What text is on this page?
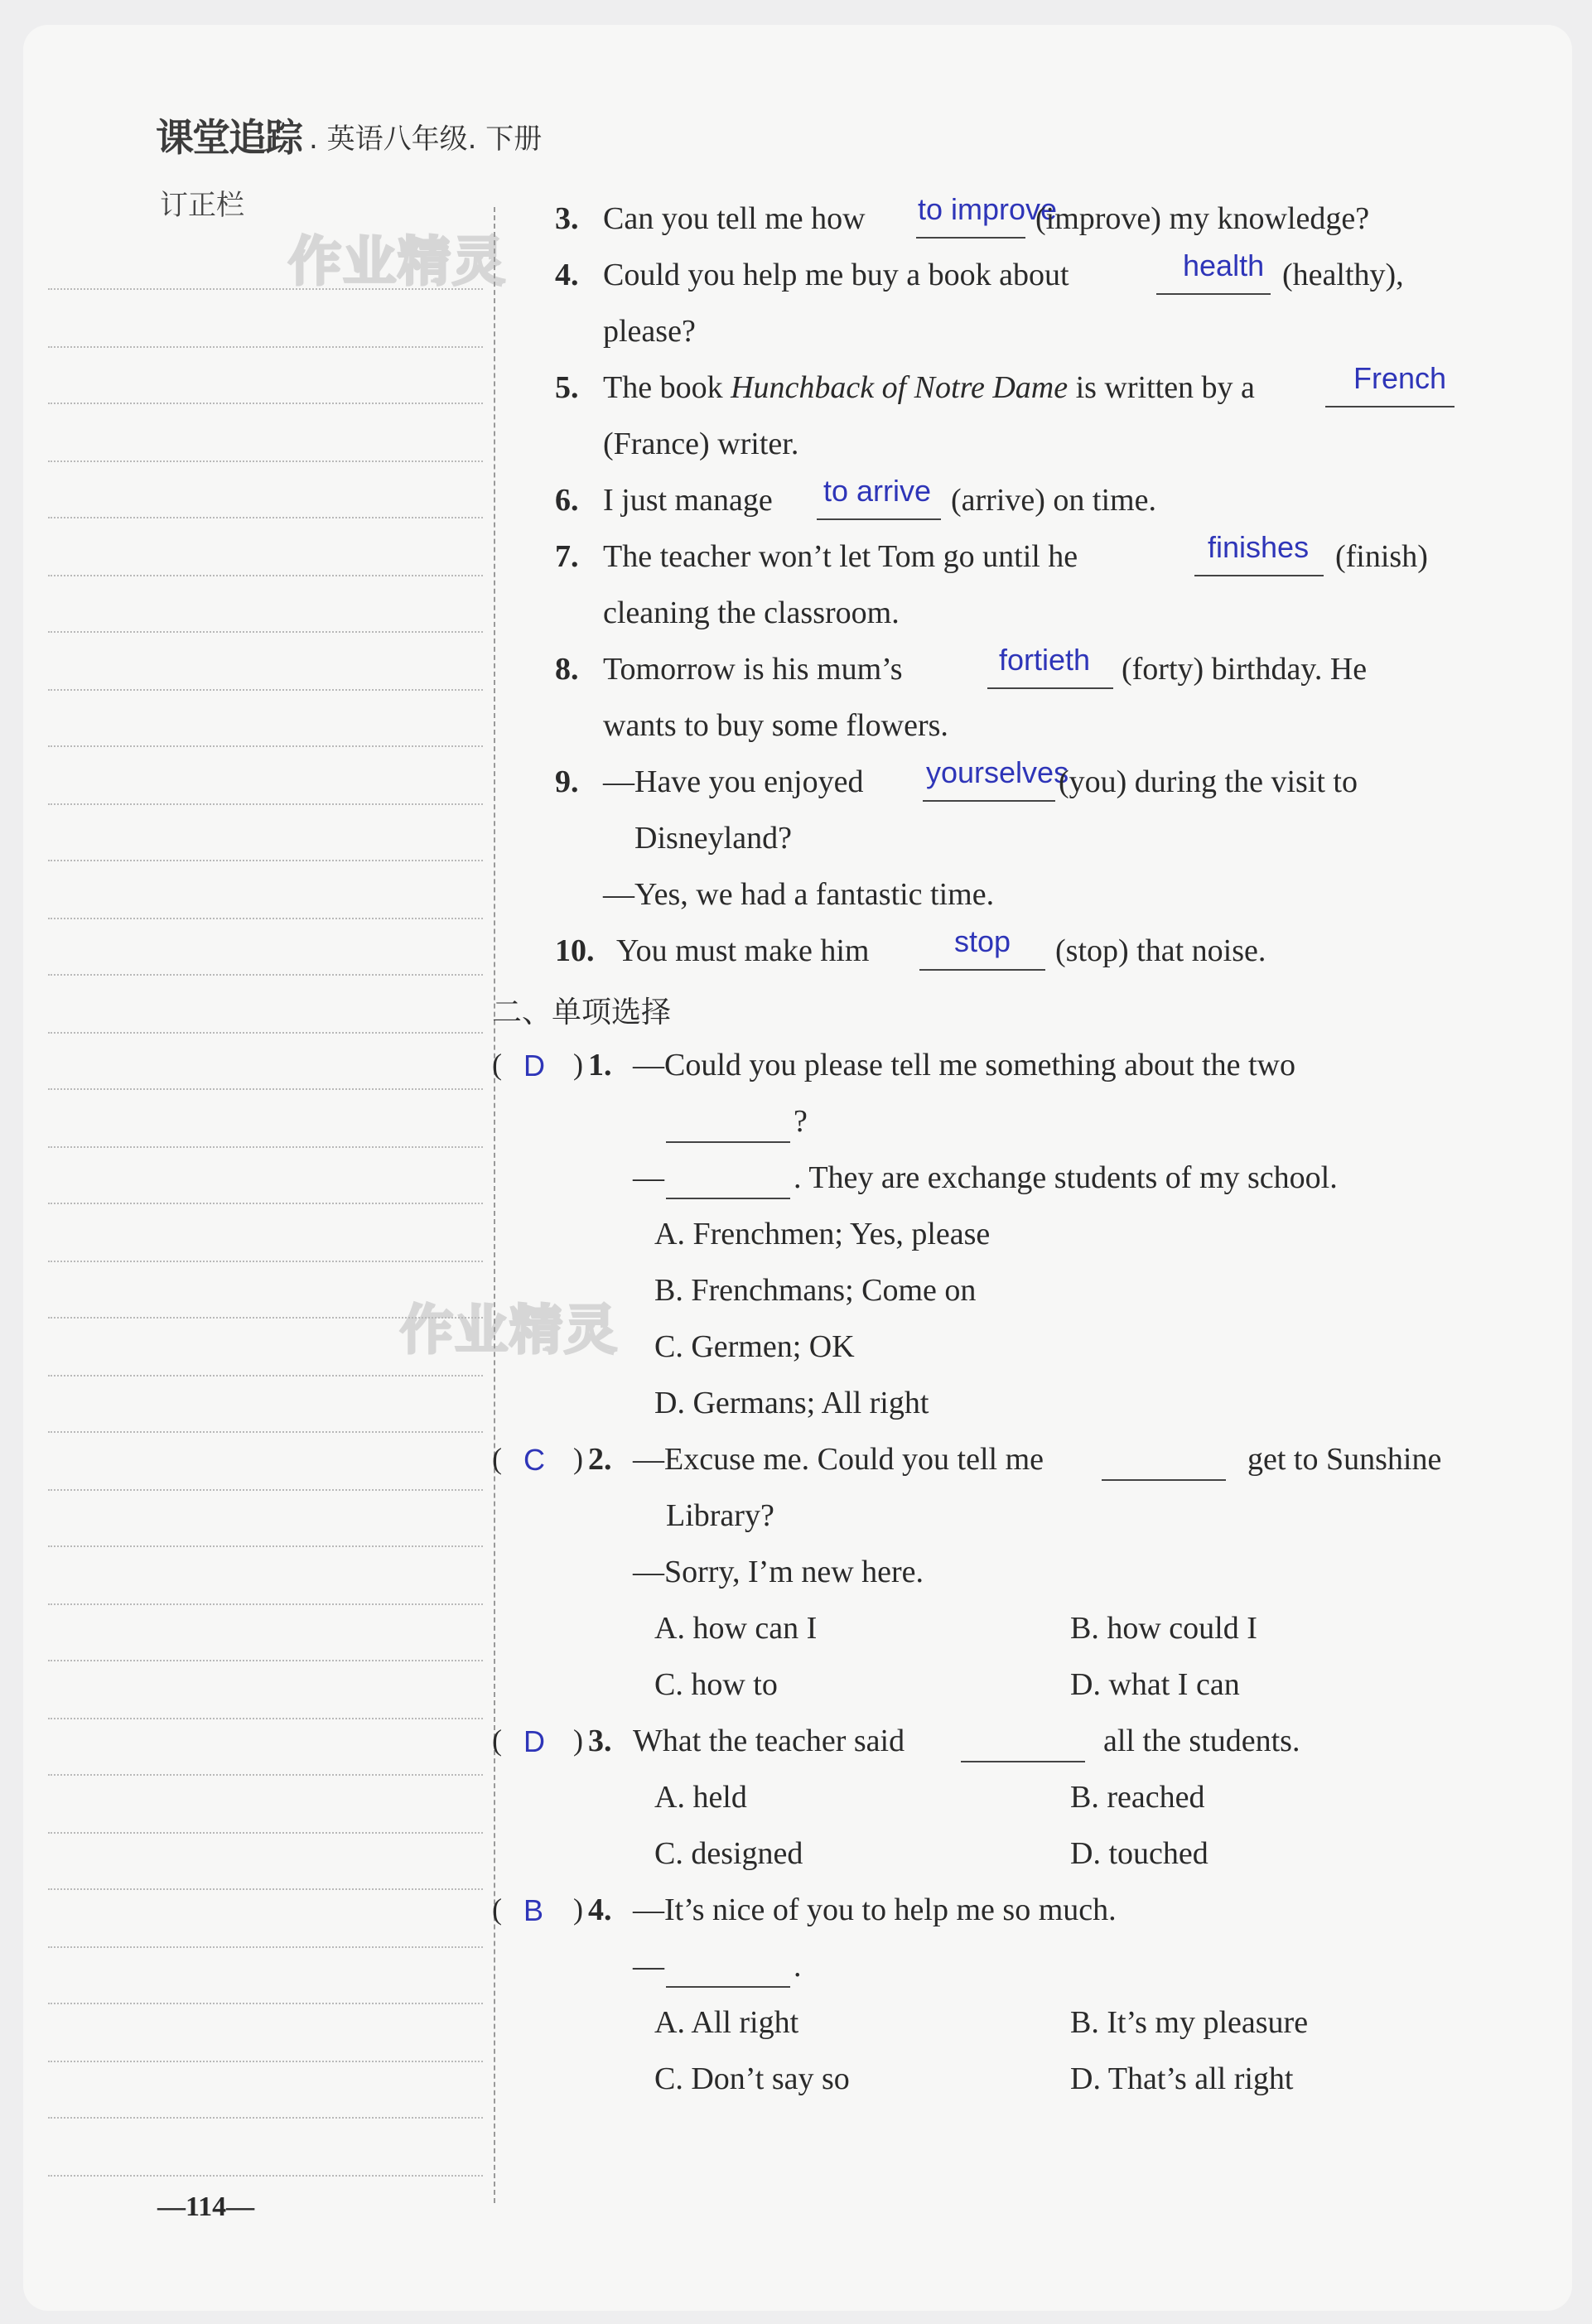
课堂追踪 . 英语八年级. 下册
订正栏
作业精灵
作业精灵
3. Can you tell me how to improve
(improve) my knowledge?
4. Could you help me buy a book about	health (healthy),
please?
5. The book Hunchback of Notre Dame is written by a	French
(France) writer.
6. I just manage to arrive (arrive) on time.
7. The teacher won’t let Tom go until he	finishes (finish)
cleaning the classroom.
8. Tomorrow is his mum’s	fortieth (forty) birthday. He
wants to buy some flowers.
9. —Have you enjoyed yourselves
(you) during the visit to
Disneyland?
—Yes, we had a fantastic time.
10. You must make him	stop (stop) that noise.
二、单项选择
( D ) 1. —Could you please tell me something about the two
?
—	. They are exchange students of my school.
A. Frenchmen; Yes, please
B. Frenchmans; Come on
C. Germen; OK
D. Germans; All right
( C ) 2. —Excuse me. Could you tell me	get to Sunshine
Library?
—Sorry, I’m new here.
A. how can I	B. how could I
C. how to	D. what I can
( D ) 3. What the teacher said	all the students.
A. held	B. reached
C. designed	D. touched
( B ) 4. —It’s nice of you to help me so much.
—	.
A. All right	B. It’s my pleasure
C. Don’t say so	D. That’s all right
—114—
